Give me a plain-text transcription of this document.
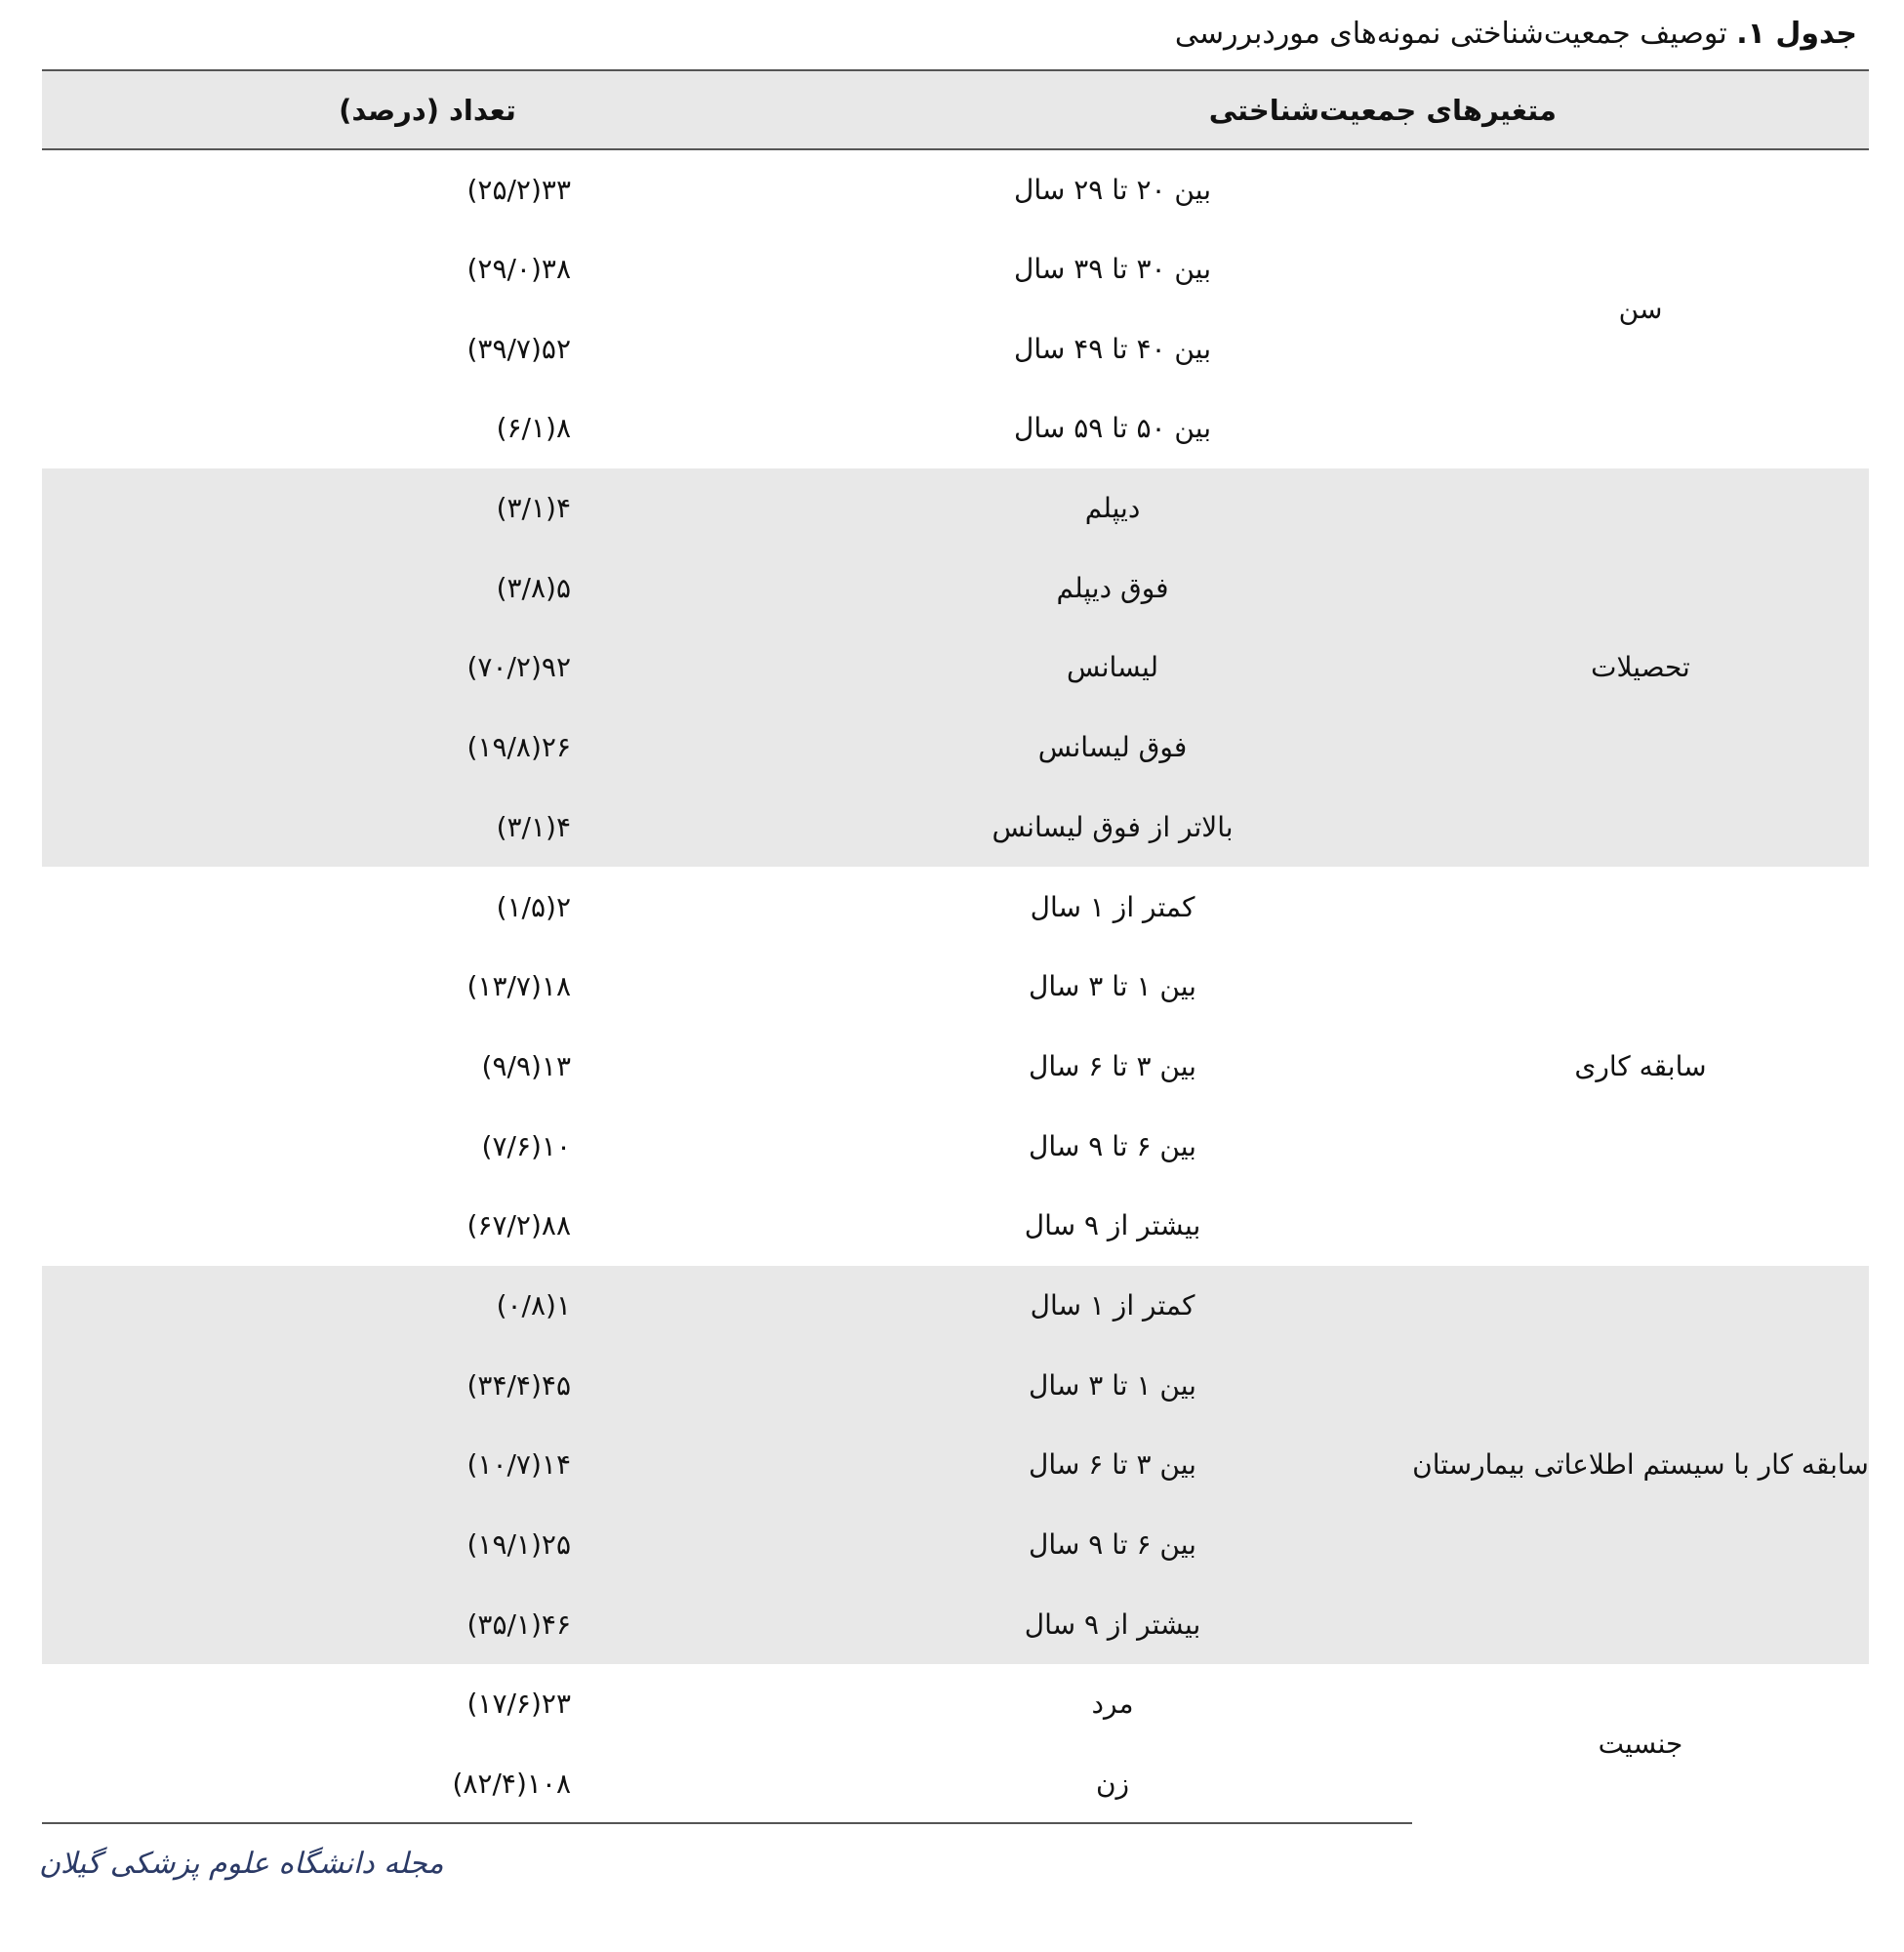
جدول ۱. توصیف جمعیت‌شناختی نمونه‌های موردبررسی
متغیرهای جمعیت‌شناختی		تعداد (درصد)
سن	بین ۲۰ تا ۲۹ سال	۳۳(۲۵/۲)
	بین ۳۰ تا ۳۹ سال	۳۸(۲۹/۰)
	بین ۴۰ تا ۴۹ سال	۵۲(۳۹/۷)
	بین ۵۰ تا ۵۹ سال	۸(۶/۱)
تحصیلات	دیپلم	۴(۳/۱)
	فوق دیپلم	۵(۳/۸)
	لیسانس	۹۲(۷۰/۲)
	فوق لیسانس	۲۶(۱۹/۸)
	بالاتر از فوق لیسانس	۴(۳/۱)
سابقه کاری	کمتر از ۱ سال	۲(۱/۵)
	بین ۱ تا ۳ سال	۱۸(۱۳/۷)
	بین ۳ تا ۶ سال	۱۳(۹/۹)
	بین ۶ تا ۹ سال	۱۰(۷/۶)
	بیشتر از ۹ سال	۸۸(۶۷/۲)
سابقه کار با سیستم اطلاعاتی بیمارستان	کمتر از ۱ سال	۱(۰/۸)
	بین ۱ تا ۳ سال	۴۵(۳۴/۴)
	بین ۳ تا ۶ سال	۱۴(۱۰/۷)
	بین ۶ تا ۹ سال	۲۵(۱۹/۱)
	بیشتر از ۹ سال	۴۶(۳۵/۱)
جنسیت	مرد	۲۳(۱۷/۶)
	زن	۱۰۸(۸۲/۴)
مجله دانشگاه علوم پزشکی گیلان
